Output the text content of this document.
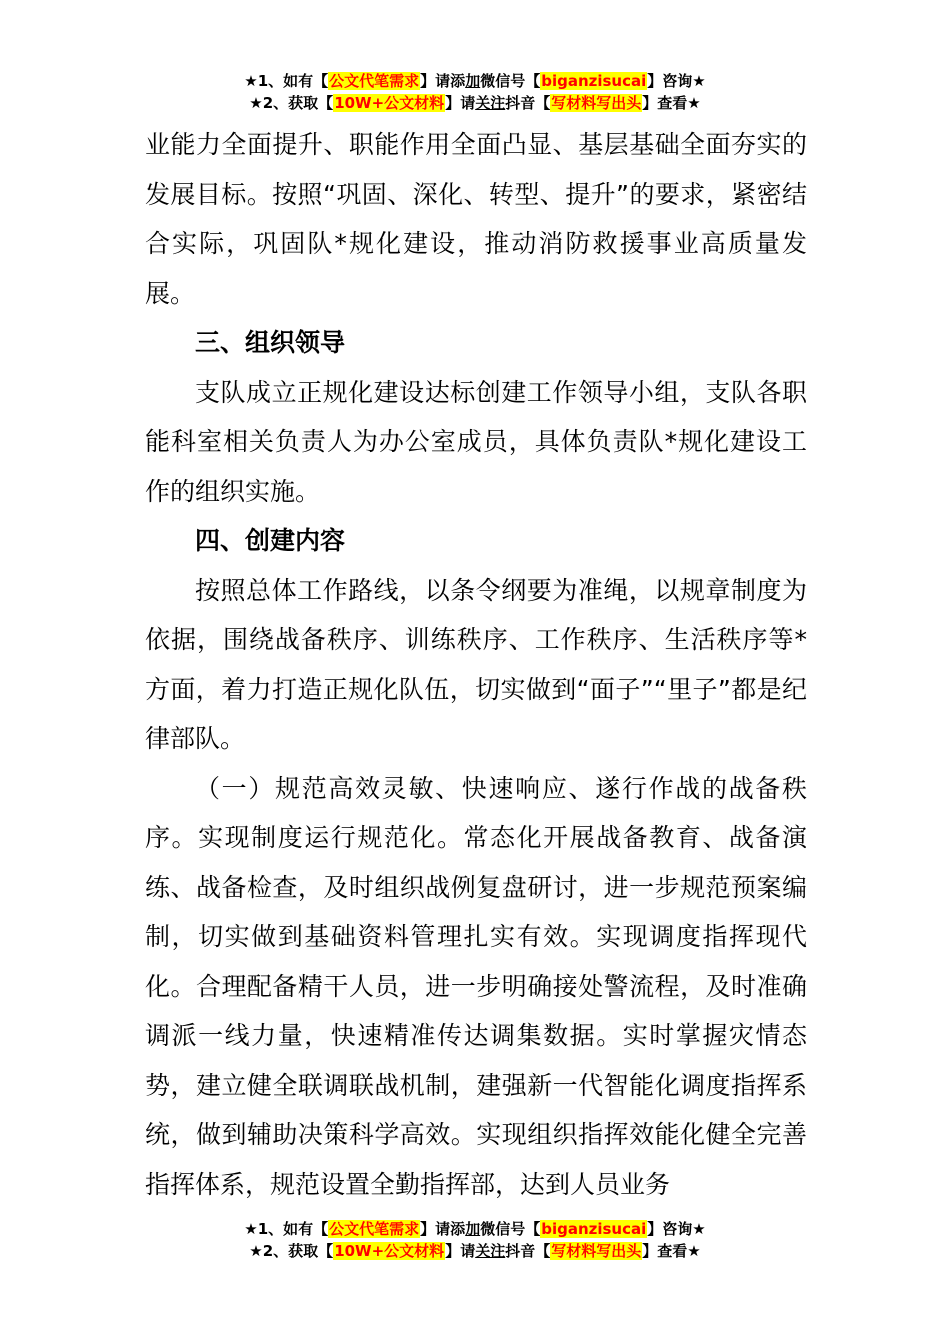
★1、如有【公文代笔需求】请添加微信号【biganzisucai】咨询★
★2、获取【10W+公文材料】请关注抖音【写材料写出头】查看★

业能力全面提升、职能作用全面凸显、基层基础全面夯实的发展目标。按照“巩固、深化、转型、提升”的要求，紧密结合实际，巩固队*规化建设，推动消防救援事业高质量发展。

三、组织领导

支队成立正规化建设达标创建工作领导小组，支队各职能科室相关负责人为办公室成员，具体负责队*规化建设工作的组织实施。

四、创建内容

按照总体工作路线，以条令纲要为准绳，以规章制度为依据，围绕战备秩序、训练秩序、工作秩序、生活秩序等*方面，着力打造正规化队伍，切实做到“面子”“里子”都是纪律部队。

（一）规范高效灵敏、快速响应、遂行作战的战备秩序。实现制度运行规范化。常态化开展战备教育、战备演练、战备检查，及时组织战例复盘研讨，进一步规范预案编制，切实做到基础资料管理扎实有效。实现调度指挥现代化。合理配备精干人员，进一步明确接处警流程，及时准确调派一线力量，快速精准传达调集数据。实时掌握灾情态势，建立健全联调联战机制，建强新一代智能化调度指挥系统，做到辅助决策科学高效。实现组织指挥效能化健全完善指挥体系，规范设置全勤指挥部，达到人员业务

★1、如有【公文代笔需求】请添加微信号【biganzisucai】咨询★
★2、获取【10W+公文材料】请关注抖音【写材料写出头】查看★
